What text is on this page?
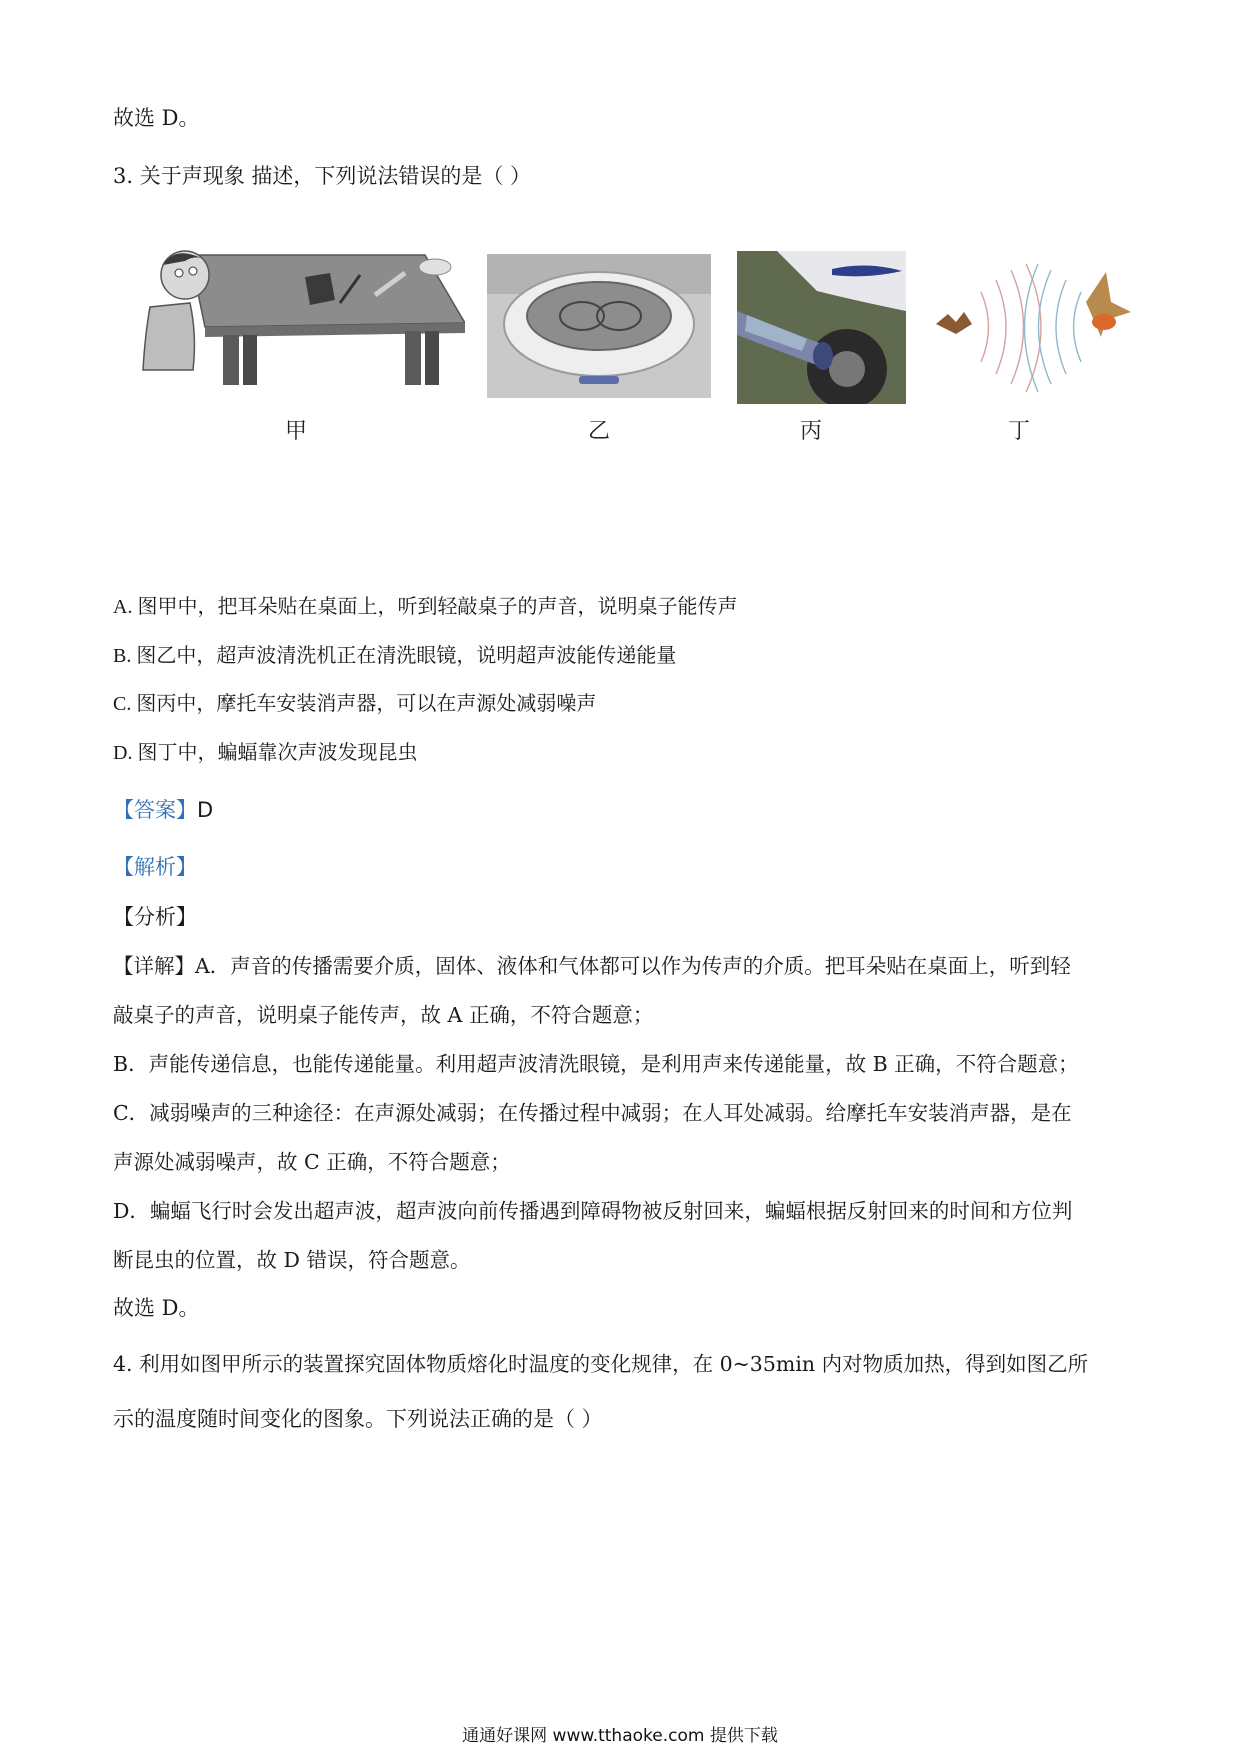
故选 D。
3. 关于声现象 描述，下列说法错误的是（ ）
甲	乙	丙	丁
A. 图甲中，把耳朵贴在桌面上，听到轻敲桌子的声音，说明桌子能传声
B. 图乙中，超声波清洗机正在清洗眼镜，说明超声波能传递能量
C. 图丙中，摩托车安装消声器，可以在声源处减弱噪声
D. 图丁中，蝙蝠靠次声波发现昆虫
【答案】D
【解析】
【分析】
【详解】A．声音的传播需要介质，固体、液体和气体都可以作为传声的介质。把耳朵贴在桌面上，听到轻
敲桌子的声音，说明桌子能传声，故 A 正确，不符合题意；
B．声能传递信息，也能传递能量。利用超声波清洗眼镜，是利用声来传递能量，故 B 正确，不符合题意；
C．减弱噪声的三种途径：在声源处减弱；在传播过程中减弱；在人耳处减弱。给摩托车安装消声器，是在
声源处减弱噪声，故 C 正确，不符合题意；
D．蝙蝠飞行时会发出超声波，超声波向前传播遇到障碍物被反射回来，蝙蝠根据反射回来的时间和方位判
断昆虫的位置，故 D 错误，符合题意。
故选 D。
4. 利用如图甲所示的装置探究固体物质熔化时温度的变化规律，在 0~35min 内对物质加热，得到如图乙所
示的温度随时间变化的图象。下列说法正确的是（ ）
通通好课网 www.tthaoke.com 提供下载
